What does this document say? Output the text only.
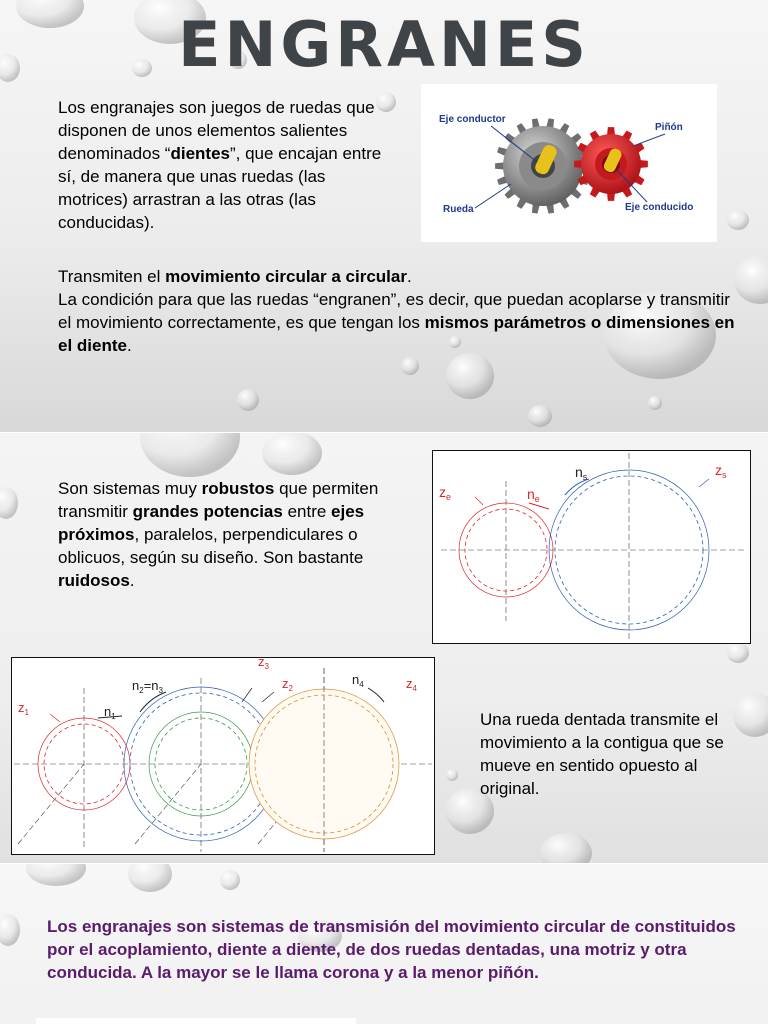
ENGRANES

Los engranajes son juegos de ruedas que disponen de unos elementos salientes denominados “dientes”, que encajan entre sí, de manera que unas ruedas (las motrices) arrastran a las otras (las conducidas).

Transmiten el movimiento circular a circular.
La condición para que las ruedas “engranen”, es decir, que puedan acoplarse y transmitir el movimiento correctamente, es que tengan los mismos parámetros o dimensiones en el diente.

Eje conductor
Piñón
Rueda	Eje conducido

Son sistemas muy robustos que permiten transmitir grandes potencias entre ejes próximos, paralelos, perpendiculares o oblicuos, según su diseño. Son bastante ruidosos.

Una rueda dentada transmite el movimiento a la contigua que se mueve en sentido opuesto al original.

$z_e$	$n_e$
$n_s$	$z_s$
$z_1$	$n_1$
$n_2=n_3$
$z_3$
$z_2$
$n_4$	$z_4$

Los engranajes son sistemas de transmisión del movimiento circular de constituidos por el acoplamiento, diente a diente, de dos ruedas dentadas, una motriz y otra conducida. A la mayor se le llama corona y a la menor piñón.
